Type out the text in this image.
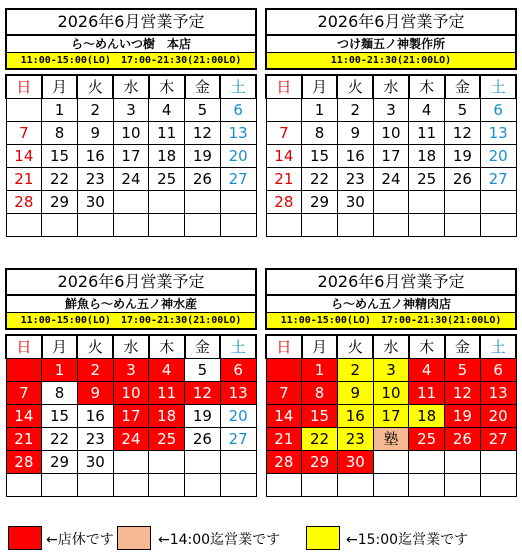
2026年6月営業予定
ら～めんいつ樹　本店
11:00-15:00(LO)　17:00-21:30(21:00LO)
日	月	火	水	木	金	土
	1	2	3	4	5	6
7	8	9	10	11	12	13
14	15	16	17	18	19	20
21	22	23	24	25	26	27
28	29	30				

2026年6月営業予定
つけ麺五ノ神製作所
11:00-21:30(21:00LO)
日	月	火	水	木	金	土
	1	2	3	4	5	6
7	8	9	10	11	12	13
14	15	16	17	18	19	20
21	22	23	24	25	26	27
28	29	30				

2026年6月営業予定
鮮魚ら～めん五ノ神水産
11:00-15:00(LO)　17:00-21:30(21:00LO)
日	月	火	水	木	金	土
	1	2	3	4	5	6
7	8	9	10	11	12	13
14	15	16	17	18	19	20
21	22	23	24	25	26	27
28	29	30				

2026年6月営業予定
ら～めん五ノ神精肉店
11:00-15:00(LO)　17:00-21:30(21:00LO)
日	月	火	水	木	金	土
	1	2	3	4	5	6
7	8	9	10	11	12	13
14	15	16	17	18	19	20
21	22	23	塾	25	26	27
28	29	30				

←店休です	←14:00迄営業です	←15:00迄営業です
